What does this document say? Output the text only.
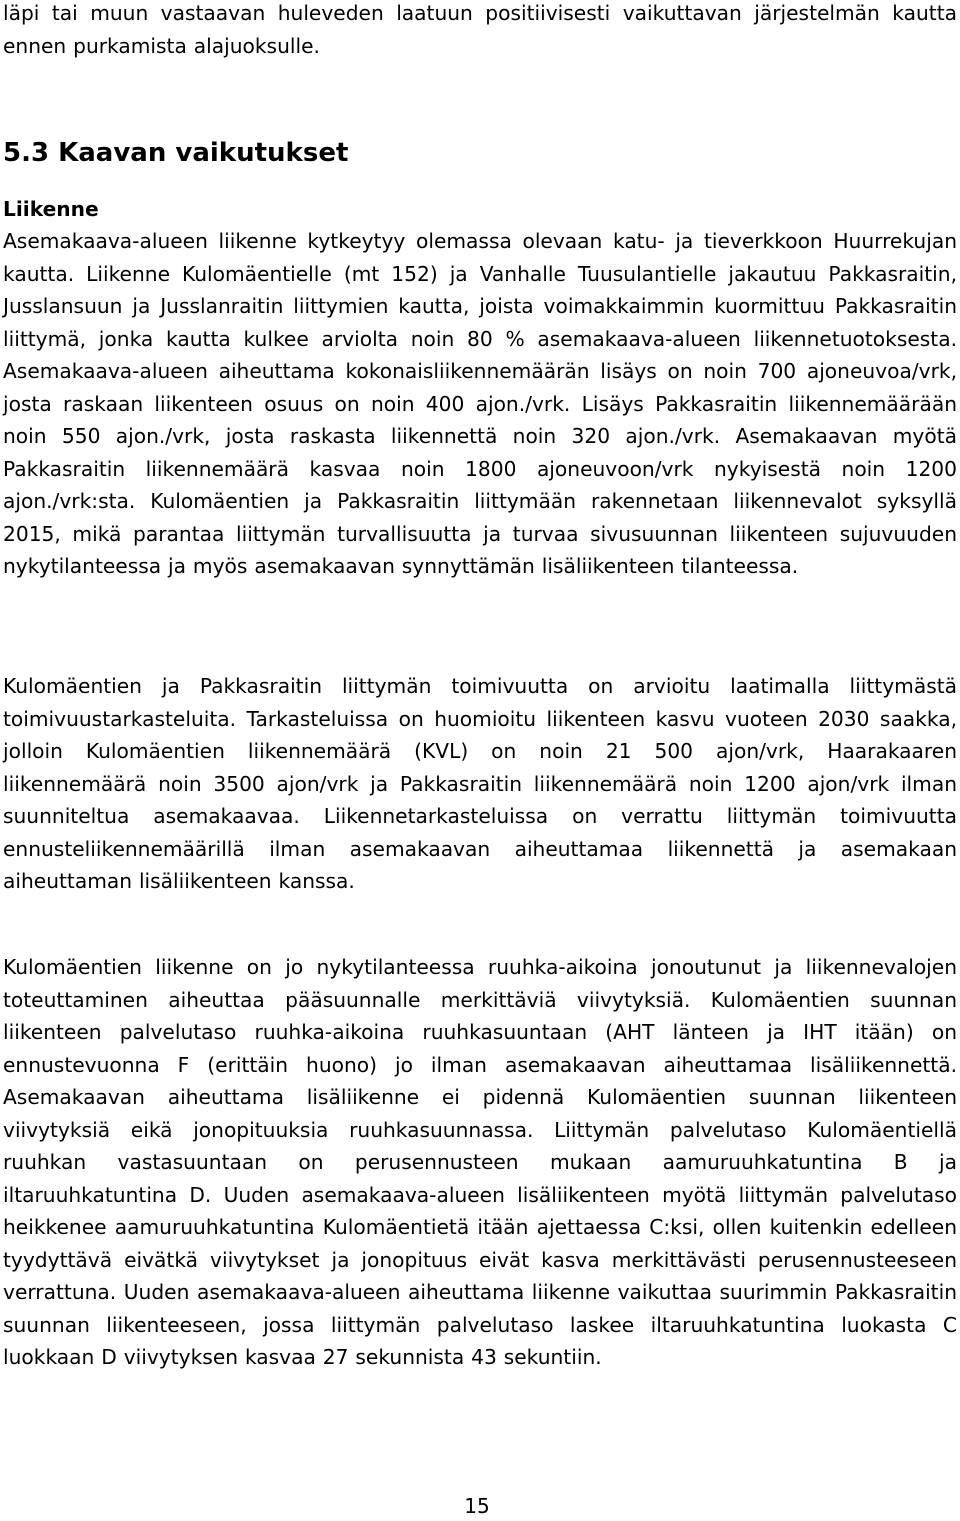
läpi tai muun vastaavan huleveden laatuun positiivisesti vaikuttavan järjestelmän kautta ennen purkamista alajuoksulle.

5.3 Kaavan vaikutukset
Liikenne

Asemakaava-alueen liikenne kytkeytyy olemassa olevaan katu- ja tieverkkoon Huurrekujan kautta. Liikenne Kulomäentielle (mt 152) ja Vanhalle Tuusulantielle jakautuu Pakkasraitin, Jusslansuun ja Jusslanraitin liittymien kautta, joista voimakkaimmin kuormittuu Pakkasraitin liittymä, jonka kautta kulkee arviolta noin 80 % asemakaava-alueen liikennetuotoksesta. Asemakaava-alueen aiheuttama kokonaisliikennemäärän lisäys on noin 700 ajoneuvoa/vrk, josta raskaan liikenteen osuus on noin 400 ajon./vrk. Lisäys Pakkasraitin liikennemäärään noin 550 ajon./vrk, josta raskasta liikennettä noin 320 ajon./vrk. Asemakaavan myötä Pakkasraitin liikennemäärä kasvaa noin 1800 ajoneuvoon/vrk nykyisestä noin 1200 ajon./vrk:sta. Kulomäentien ja Pakkasraitin liittymään rakennetaan liikennevalot syksyllä 2015, mikä parantaa liittymän turvallisuutta ja turvaa sivusuunnan liikenteen sujuvuuden nykytilanteessa ja myös asemakaavan synnyttämän lisäliikenteen tilanteessa.

Kulomäentien ja Pakkasraitin liittymän toimivuutta on arvioitu laatimalla liittymästä toimivuustarkasteluita. Tarkasteluissa on huomioitu liikenteen kasvu vuoteen 2030 saakka, jolloin Kulomäentien liikennemäärä (KVL) on noin 21 500 ajon/vrk, Haarakaaren liikennemäärä noin 3500 ajon/vrk ja Pakkasraitin liikennemäärä noin 1200 ajon/vrk ilman suunniteltua asemakaavaa. Liikennetarkasteluissa on verrattu liittymän toimivuutta ennusteliikennemäärillä ilman asemakaavan aiheuttamaa liikennettä ja asemakaan aiheuttaman lisäliikenteen kanssa.

Kulomäentien liikenne on jo nykytilanteessa ruuhka-aikoina jonoutunut ja liikennevalojen toteuttaminen aiheuttaa pääsuunnalle merkittäviä viivytyksiä. Kulomäentien suunnan liikenteen palvelutaso ruuhka-aikoina ruuhkasuuntaan (AHT länteen ja IHT itään) on ennustevuonna F (erittäin huono) jo ilman asemakaavan aiheuttamaa lisäliikennettä. Asemakaavan aiheuttama lisäliikenne ei pidennä Kulomäentien suunnan liikenteen viivytyksiä eikä jonopituuksia ruuhkasuunnassa. Liittymän palvelutaso Kulomäentiellä ruuhkan vastasuuntaan on perusennusteen mukaan aamuruuhkatuntina B ja iltaruuhkatuntina D. Uuden asemakaava-alueen lisäliikenteen myötä liittymän palvelutaso heikkenee aamuruuhkatuntina Kulomäentietä itään ajettaessa C:ksi, ollen kuitenkin edelleen tyydyttävä eivätkä viivytykset ja jonopituus eivät kasva merkittävästi perusennusteeseen verrattuna. Uuden asemakaava-alueen aiheuttama liikenne vaikuttaa suurimmin Pakkasraitin suunnan liikenteeseen, jossa liittymän palvelutaso laskee iltaruuhkatuntina luokasta C luokkaan D viivytyksen kasvaa 27 sekunnista 43 sekuntiin.

15
